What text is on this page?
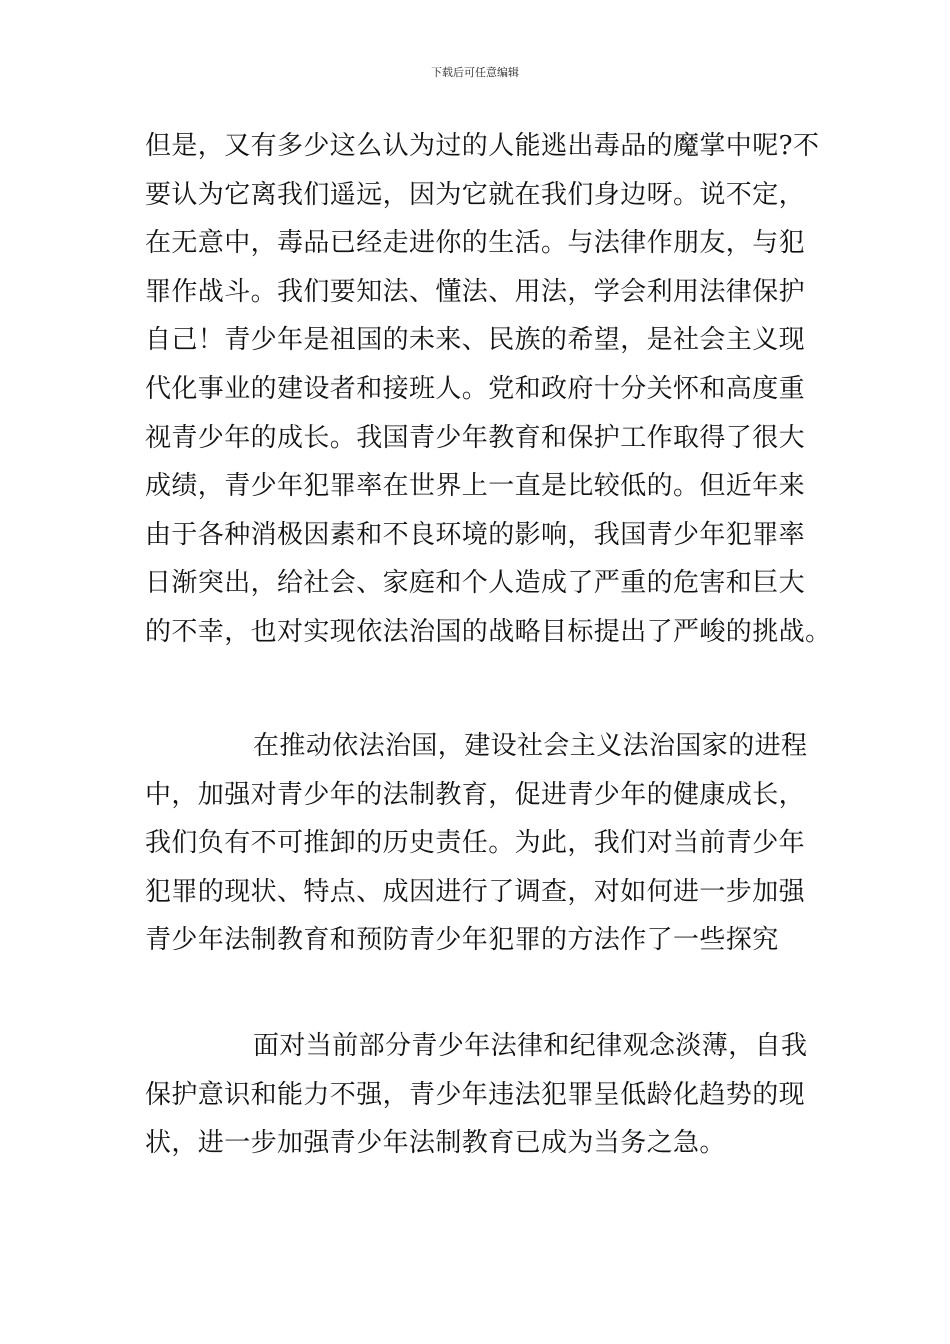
下载后可任意编辑
但是，又有多少这么认为过的人能逃出毒品的魔掌中呢?不
要认为它离我们遥远，因为它就在我们身边呀。说不定，
在无意中，毒品已经走进你的生活。与法律作朋友，与犯
罪作战斗。我们要知法、懂法、用法，学会利用法律保护
自己！青少年是祖国的未来、民族的希望，是社会主义现
代化事业的建设者和接班人。党和政府十分关怀和高度重
视青少年的成长。我国青少年教育和保护工作取得了很大
成绩，青少年犯罪率在世界上一直是比较低的。但近年来
由于各种消极因素和不良环境的影响，我国青少年犯罪率
日渐突出，给社会、家庭和个人造成了严重的危害和巨大
的不幸，也对实现依法治国的战略目标提出了严峻的挑战。
在推动依法治国，建设社会主义法治国家的进程
中，加强对青少年的法制教育，促进青少年的健康成长，
我们负有不可推卸的历史责任。为此，我们对当前青少年
犯罪的现状、特点、成因进行了调查，对如何进一步加强
青少年法制教育和预防青少年犯罪的方法作了一些探究
面对当前部分青少年法律和纪律观念淡薄，自我
保护意识和能力不强，青少年违法犯罪呈低龄化趋势的现
状，进一步加强青少年法制教育已成为当务之急。
